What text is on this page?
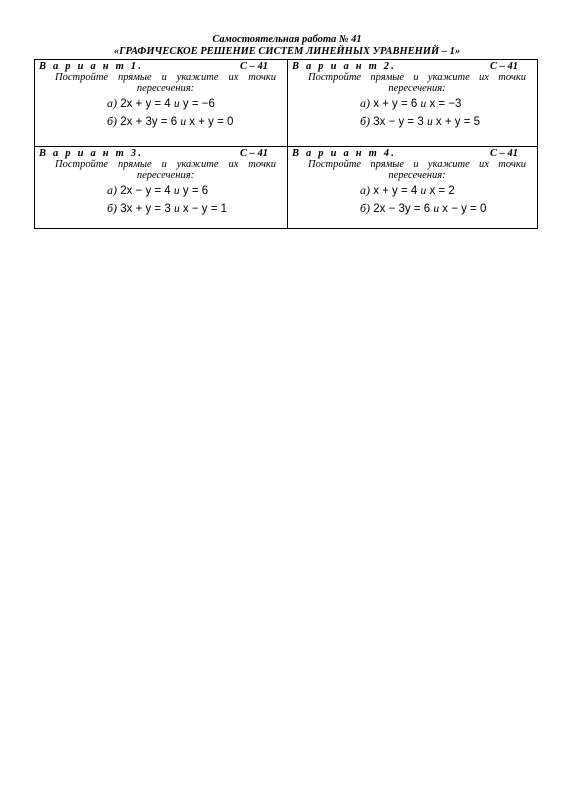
Самостоятельная работа № 41
«ГРАФИЧЕСКОЕ РЕШЕНИЕ СИСТЕМ ЛИНЕЙНЫХ УРАВНЕНИЙ – 1»
В а р и а н т 1.	С – 41
Постройте прямые и укажите их точки пересечения:
а) 2x + y = 4 и y = −6
б) 2x + 3y = 6 и x + y = 0
В а р и а н т 2.	С – 41
Постройте прямые и укажите их точки пересечения:
а) x + y = 6 и x = −3
б) 3x − y = 3 и x + y = 5
В а р и а н т 3.	С – 41
Постройте прямые и укажите их точки пересечения:
а) 2x − y = 4 и y = 6
б) 3x + y = 3 и x − y = 1
В а р и а н т 4.	С – 41
Постройте прямые и укажите их точки пересечения:
а) x + y = 4 и x = 2
б) 2x − 3y = 6 и x − y = 0
